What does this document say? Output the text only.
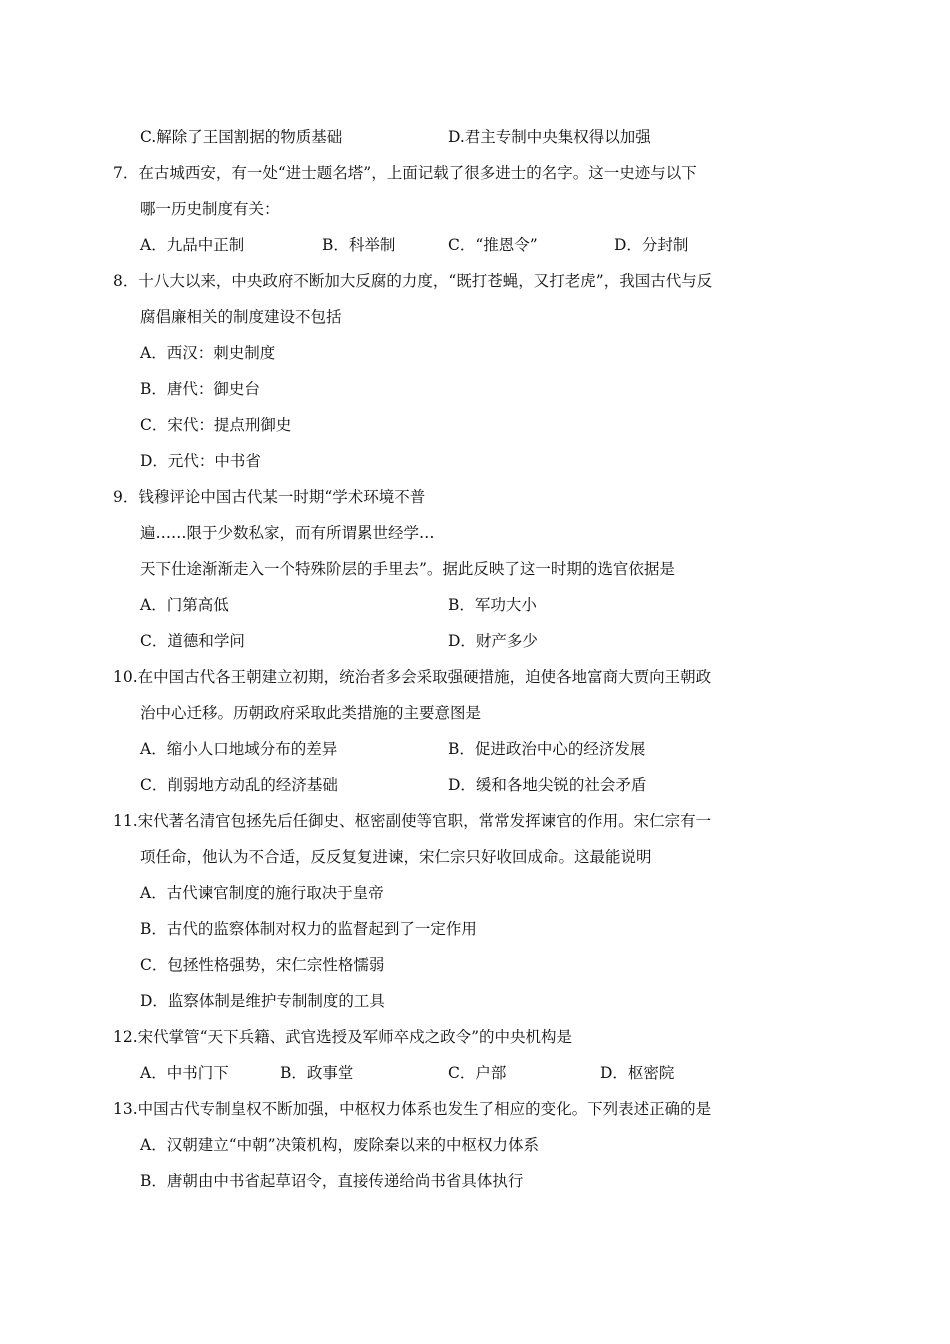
C.解除了王国割据的物质基础	D.君主专制中央集权得以加强
7．在古城西安，有一处“进士题名塔”，上面记载了很多进士的名字。这一史迹与以下
哪一历史制度有关：
A．九品中正制	B．科举制	C．“推恩令”	D．分封制
8．十八大以来，中央政府不断加大反腐的力度，“既打苍蝇，又打老虎”，我国古代与反
腐倡廉相关的制度建设不包括
A．西汉：刺史制度
B．唐代：御史台
C．宋代：提点刑御史
D．元代：中书省
9．钱穆评论中国古代某一时期“学术环境不普
遍……限于少数私家，而有所谓累世经学…
天下仕途渐渐走入一个特殊阶层的手里去”。据此反映了这一时期的选官依据是
A．门第高低	B．军功大小
C．道德和学问	D．财产多少
10.在中国古代各王朝建立初期，统治者多会采取强硬措施，迫使各地富商大贾向王朝政
治中心迁移。历朝政府采取此类措施的主要意图是
A．缩小人口地域分布的差异	B．促进政治中心的经济发展
C．削弱地方动乱的经济基础	D．缓和各地尖锐的社会矛盾
11.宋代著名清官包拯先后任御史、枢密副使等官职，常常发挥谏官的作用。宋仁宗有一
项任命，他认为不合适，反反复复进谏，宋仁宗只好收回成命。这最能说明
A．古代谏官制度的施行取决于皇帝
B．古代的监察体制对权力的监督起到了一定作用
C．包拯性格强势，宋仁宗性格懦弱
D．监察体制是维护专制制度的工具
12.宋代掌管“天下兵籍、武官选授及军师卒戍之政令”的中央机构是
A．中书门下	B．政事堂	C．户部	D．枢密院
13.中国古代专制皇权不断加强，中枢权力体系也发生了相应的变化。下列表述正确的是
A．汉朝建立“中朝”决策机构，废除秦以来的中枢权力体系
B．唐朝由中书省起草诏令，直接传递给尚书省具体执行
